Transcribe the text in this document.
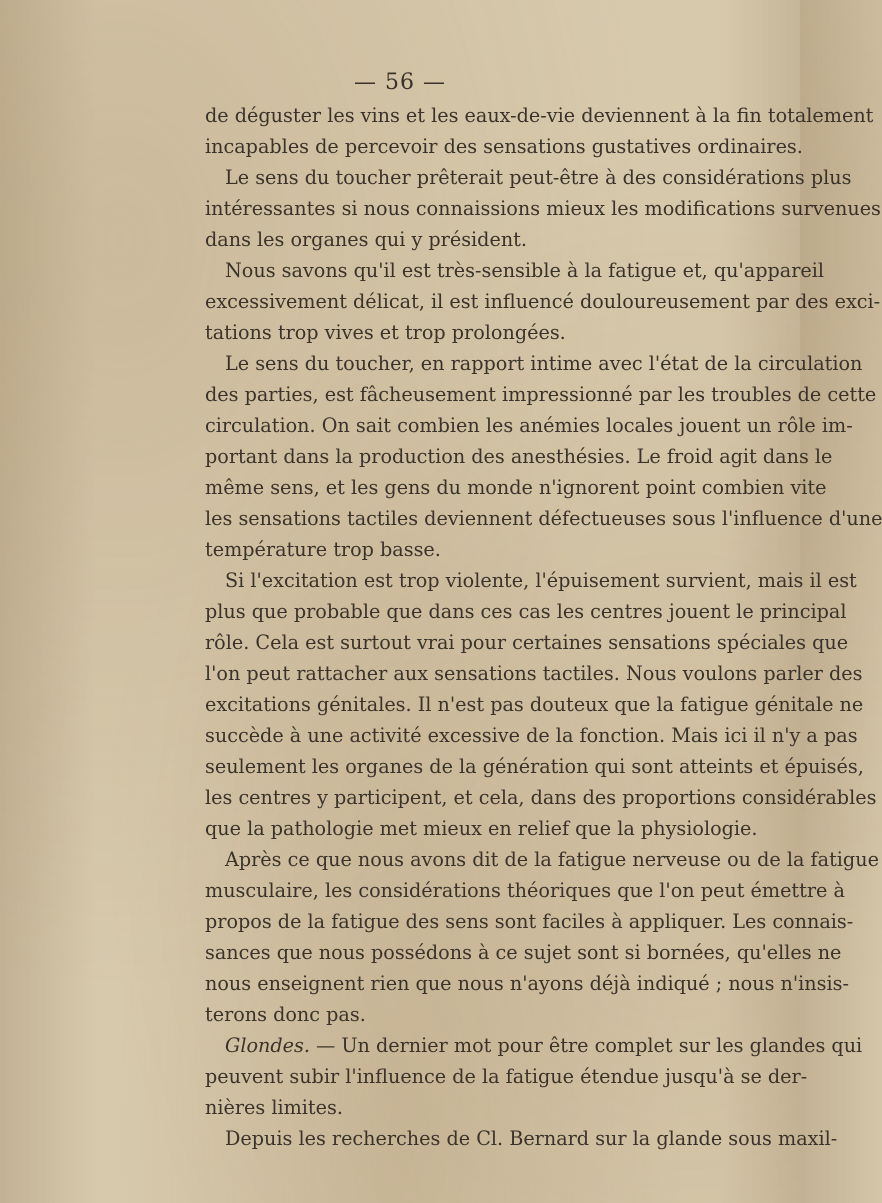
— 56 —
de déguster les vins et les eaux-de-vie deviennent à la fin totalement
incapables de percevoir des sensations gustatives ordinaires.
Le sens du toucher prêterait peut-être à des considérations plus
intéressantes si nous connaissions mieux les modifications survenues
dans les organes qui y président.
Nous savons qu'il est très-sensible à la fatigue et, qu'appareil
excessivement délicat, il est influencé douloureusement par des exci-
tations trop vives et trop prolongées.
Le sens du toucher, en rapport intime avec l'état de la circulation
des parties, est fâcheusement impressionné par les troubles de cette
circulation. On sait combien les anémies locales jouent un rôle im-
portant dans la production des anesthésies. Le froid agit dans le
même sens, et les gens du monde n'ignorent point combien vite
les sensations tactiles deviennent défectueuses sous l'influence d'une
température trop basse.
Si l'excitation est trop violente, l'épuisement survient, mais il est
plus que probable que dans ces cas les centres jouent le principal
rôle. Cela est surtout vrai pour certaines sensations spéciales que
l'on peut rattacher aux sensations tactiles. Nous voulons parler des
excitations génitales. Il n'est pas douteux que la fatigue génitale ne
succède à une activité excessive de la fonction. Mais ici il n'y a pas
seulement les organes de la génération qui sont atteints et épuisés,
les centres y participent, et cela, dans des proportions considérables
que la pathologie met mieux en relief que la physiologie.
Après ce que nous avons dit de la fatigue nerveuse ou de la fatigue
musculaire, les considérations théoriques que l'on peut émettre à
propos de la fatigue des sens sont faciles à appliquer. Les connais-
sances que nous possédons à ce sujet sont si bornées, qu'elles ne
nous enseignent rien que nous n'ayons déjà indiqué ; nous n'insis-
terons donc pas.
Glondes. — Un dernier mot pour être complet sur les glandes qui
peuvent subir l'influence de la fatigue étendue jusqu'à se der-
nières limites.
Depuis les recherches de Cl. Bernard sur la glande sous maxil-
